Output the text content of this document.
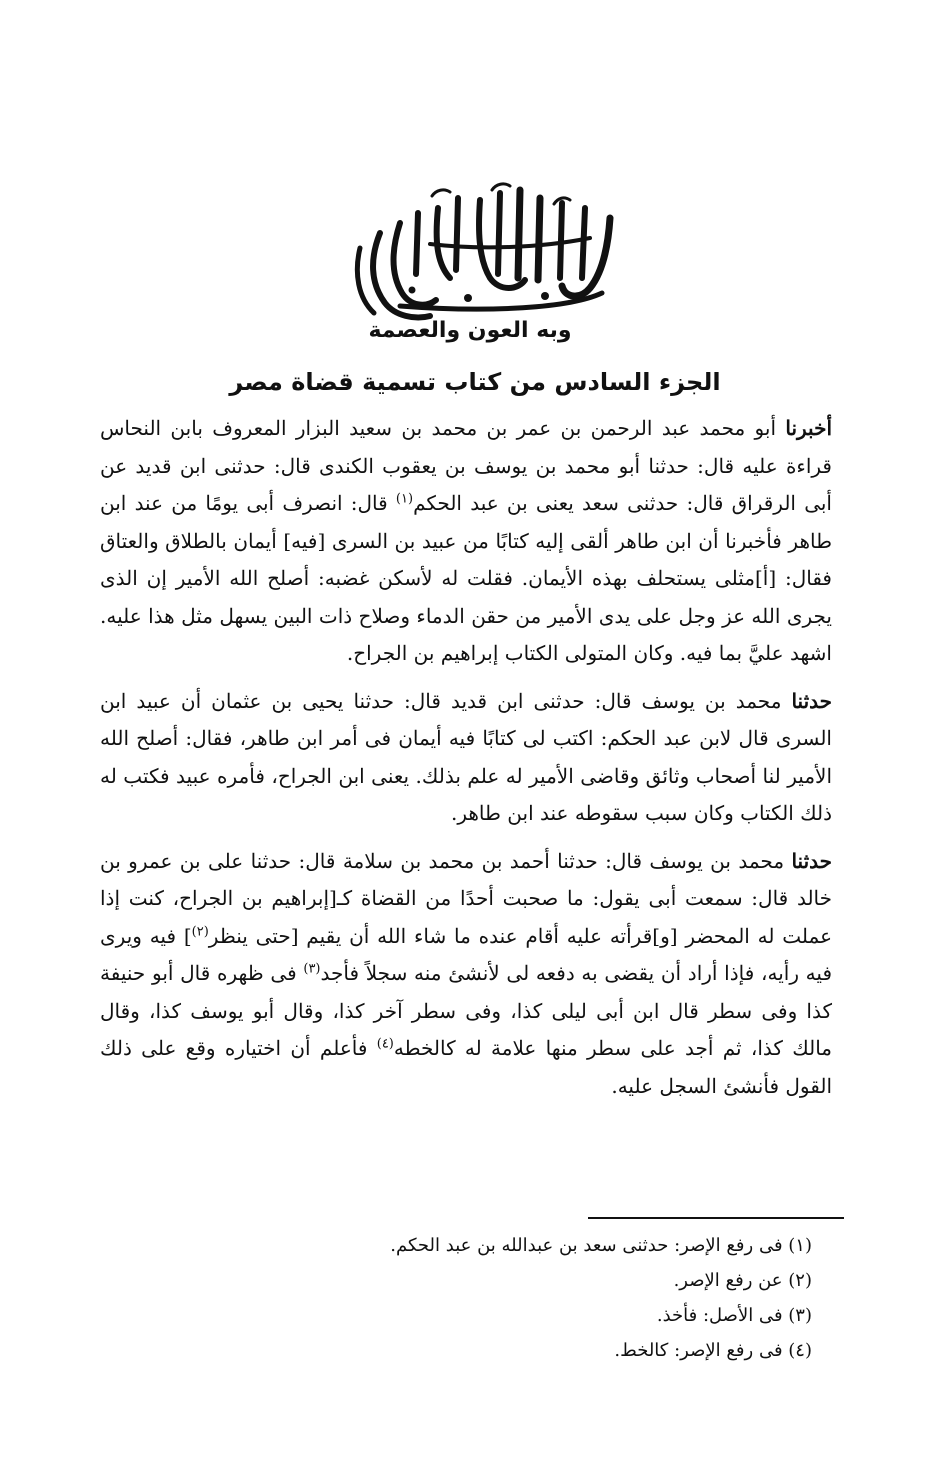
وبه العون والعصمة
الجزء السادس من كتاب تسمية قضاة مصر

أخبرنا أبو محمد عبد الرحمن بن عمر بن محمد بن سعيد البزار المعروف بابن النحاس قراءة عليه قال: حدثنا أبو محمد بن يوسف بن يعقوب الكندى قال: حدثنى ابن قديد عن أبى الرقراق قال: حدثنى سعد يعنى بن عبد الحكم$^{(١)}$ قال: انصرف أبى يومًا من عند ابن طاهر فأخبرنا أن ابن طاهر ألقى إليه كتابًا من عبيد بن السرى [فيه] أيمان بالطلاق والعتاق فقال: [أ]مثلى يستحلف بهذه الأيمان. فقلت له لأسكن غضبه: أصلح الله الأمير إن الذى يجرى الله عز وجل على يدى الأمير من حقن الدماء وصلاح ذات البين يسهل مثل هذا عليه. اشهد عليَّ بما فيه. وكان المتولى الكتاب إبراهيم بن الجراح.

حدثنا محمد بن يوسف قال: حدثنى ابن قديد قال: حدثنا يحيى بن عثمان أن عبيد ابن السرى قال لابن عبد الحكم: اكتب لى كتابًا فيه أيمان فى أمر ابن طاهر، فقال: أصلح الله الأمير لنا أصحاب وثائق وقاضى الأمير له علم بذلك. يعنى ابن الجراح، فأمره عبيد فكتب له ذلك الكتاب وكان سبب سقوطه عند ابن طاهر.

حدثنا محمد بن يوسف قال: حدثنا أحمد بن محمد بن سلامة قال: حدثنا على بن عمرو بن خالد قال: سمعت أبى يقول: ما صحبت أحدًا من القضاة كـ[إبراهيم بن الجراح، كنت إذا عملت له المحضر [و]قرأته عليه أقام عنده ما شاء الله أن يقيم [حتى ينظر$^{(٢)}$] فيه ويرى فيه رأيه، فإذا أراد أن يقضى به دفعه لى لأنشئ منه سجلاً فأجد$^{(٣)}$ فى ظهره قال أبو حنيفة كذا وفى سطر قال ابن أبى ليلى كذا، وفى سطر آخر كذا، وقال أبو يوسف كذا، وقال مالك كذا، ثم أجد على سطر منها علامة له كالخطه$^{(٤)}$ فأعلم أن اختياره وقع على ذلك القول فأنشئ السجل عليه.

(١) فى رفع الإصر: حدثنى سعد بن عبدالله بن عبد الحكم.
(٢) عن رفع الإصر.
(٣) فى الأصل: فأخذ.
(٤) فى رفع الإصر: كالخط.
